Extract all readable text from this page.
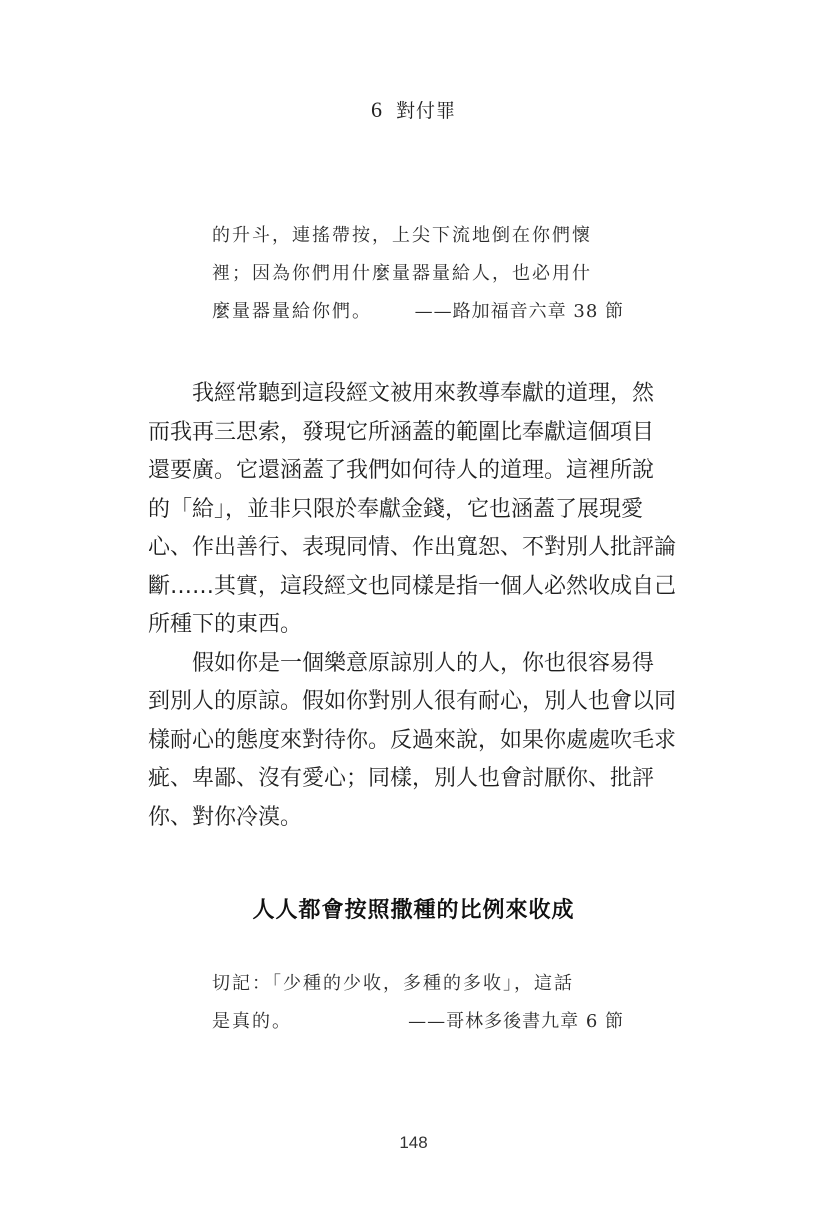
6 對付罪
的升斗，連搖帶按，上尖下流地倒在你們懷
裡；因為你們用什麼量器量給人，也必用什
麼量器量給你們。 ——路加福音六章 38 節
我經常聽到這段經文被用來教導奉獻的道理，然
而我再三思索，發現它所涵蓋的範圍比奉獻這個項目
還要廣。它還涵蓋了我們如何待人的道理。這裡所說
的「給」，並非只限於奉獻金錢，它也涵蓋了展現愛
心、作出善行、表現同情、作出寬恕、不對別人批評論
斷……其實，這段經文也同樣是指一個人必然收成自己
所種下的東西。
假如你是一個樂意原諒別人的人，你也很容易得
到別人的原諒。假如你對別人很有耐心，別人也會以同
樣耐心的態度來對待你。反過來說，如果你處處吹毛求
疵、卑鄙、沒有愛心；同樣，別人也會討厭你、批評
你、對你冷漠。
人人都會按照撒種的比例來收成
切記：「少種的少收，多種的多收」，這話
是真的。	——哥林多後書九章 6 節
148
